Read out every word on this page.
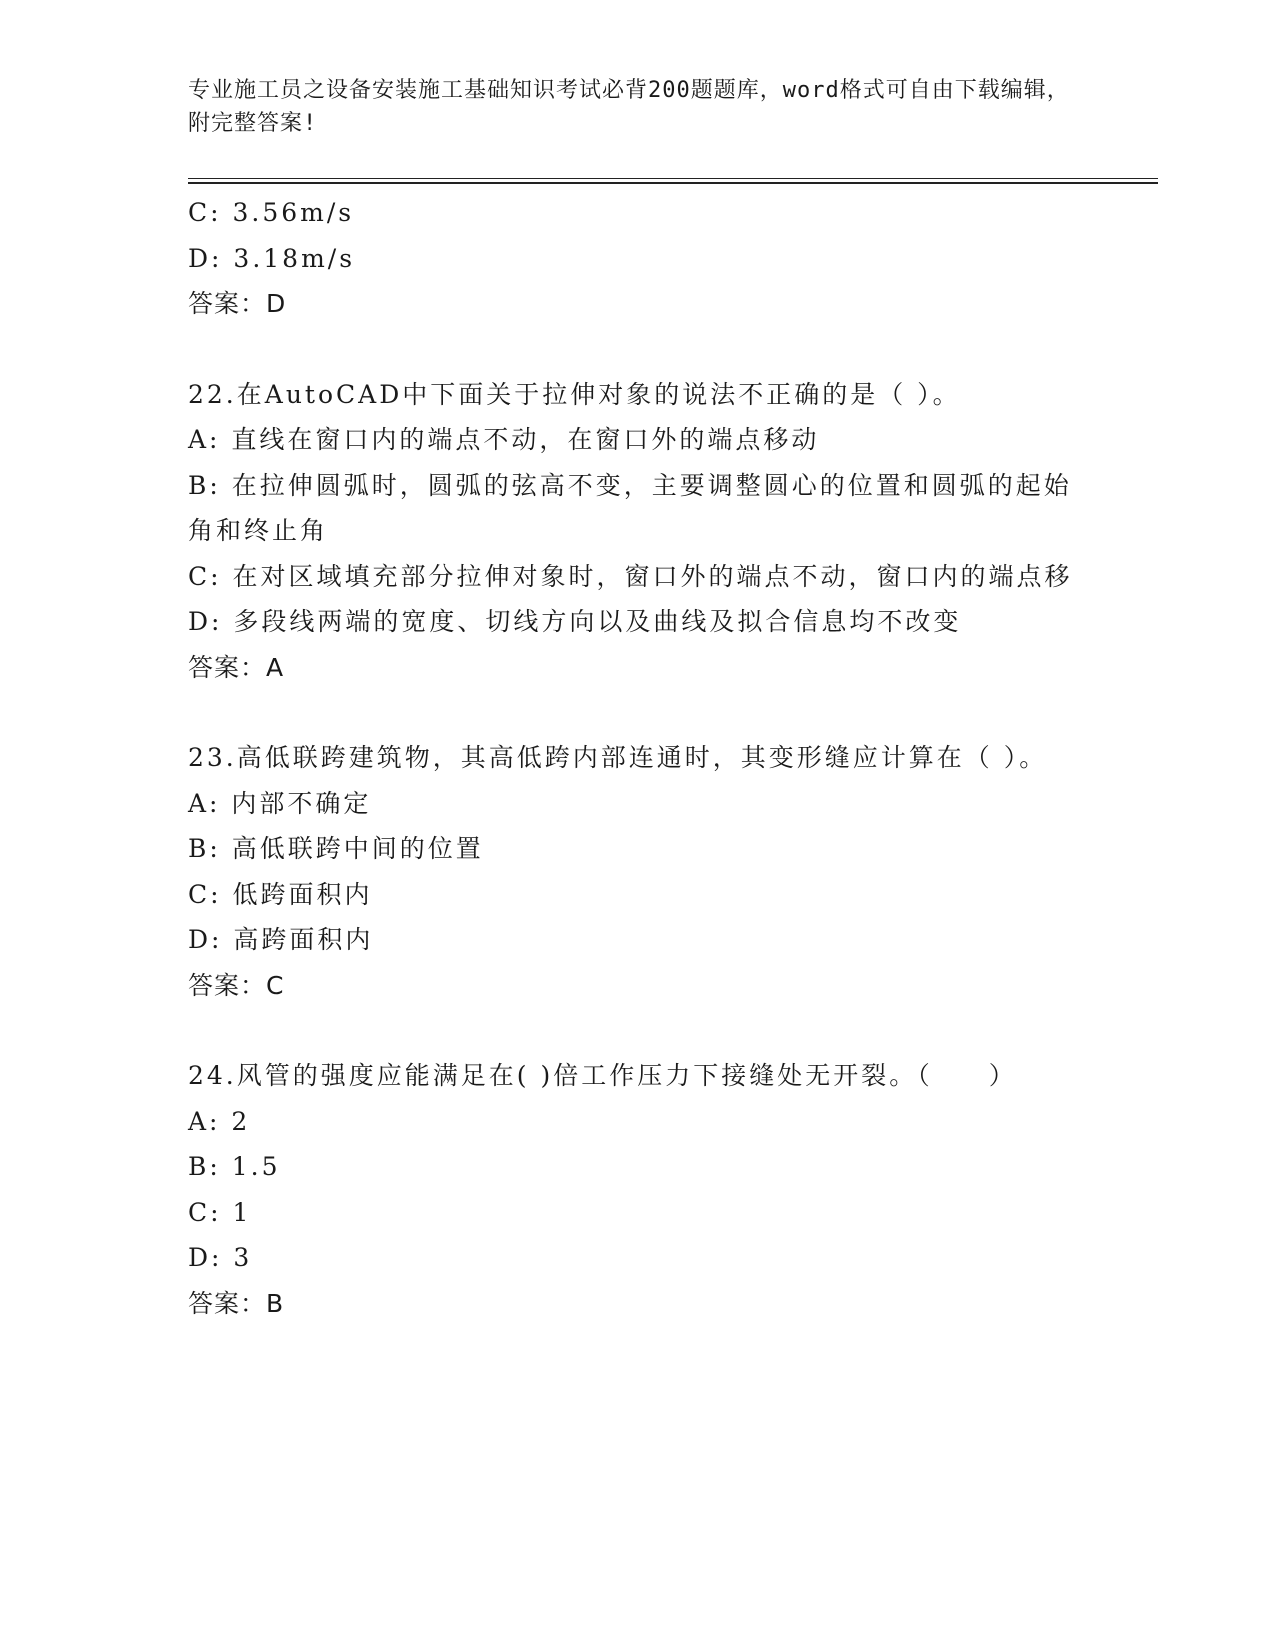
专业施工员之设备安装施工基础知识考试必背200题题库，word格式可自由下载编辑，附完整答案!
C: 3.56m/s
D: 3.18m/s
答案：D
22.在AutoCAD中下面关于拉伸对象的说法不正确的是（ ）。
A: 直线在窗口内的端点不动，在窗口外的端点移动
B: 在拉伸圆弧时，圆弧的弦高不变，主要调整圆心的位置和圆弧的起始角和终止角
C: 在对区域填充部分拉伸对象时，窗口外的端点不动，窗口内的端点移
D: 多段线两端的宽度、切线方向以及曲线及拟合信息均不改变
答案：A
23.高低联跨建筑物，其高低跨内部连通时，其变形缝应计算在（ ）。
A: 内部不确定
B: 高低联跨中间的位置
C: 低跨面积内
D: 高跨面积内
答案：C
24.风管的强度应能满足在( )倍工作压力下接缝处无开裂。（　　）
A: 2
B: 1.5
C: 1
D: 3
答案：B
